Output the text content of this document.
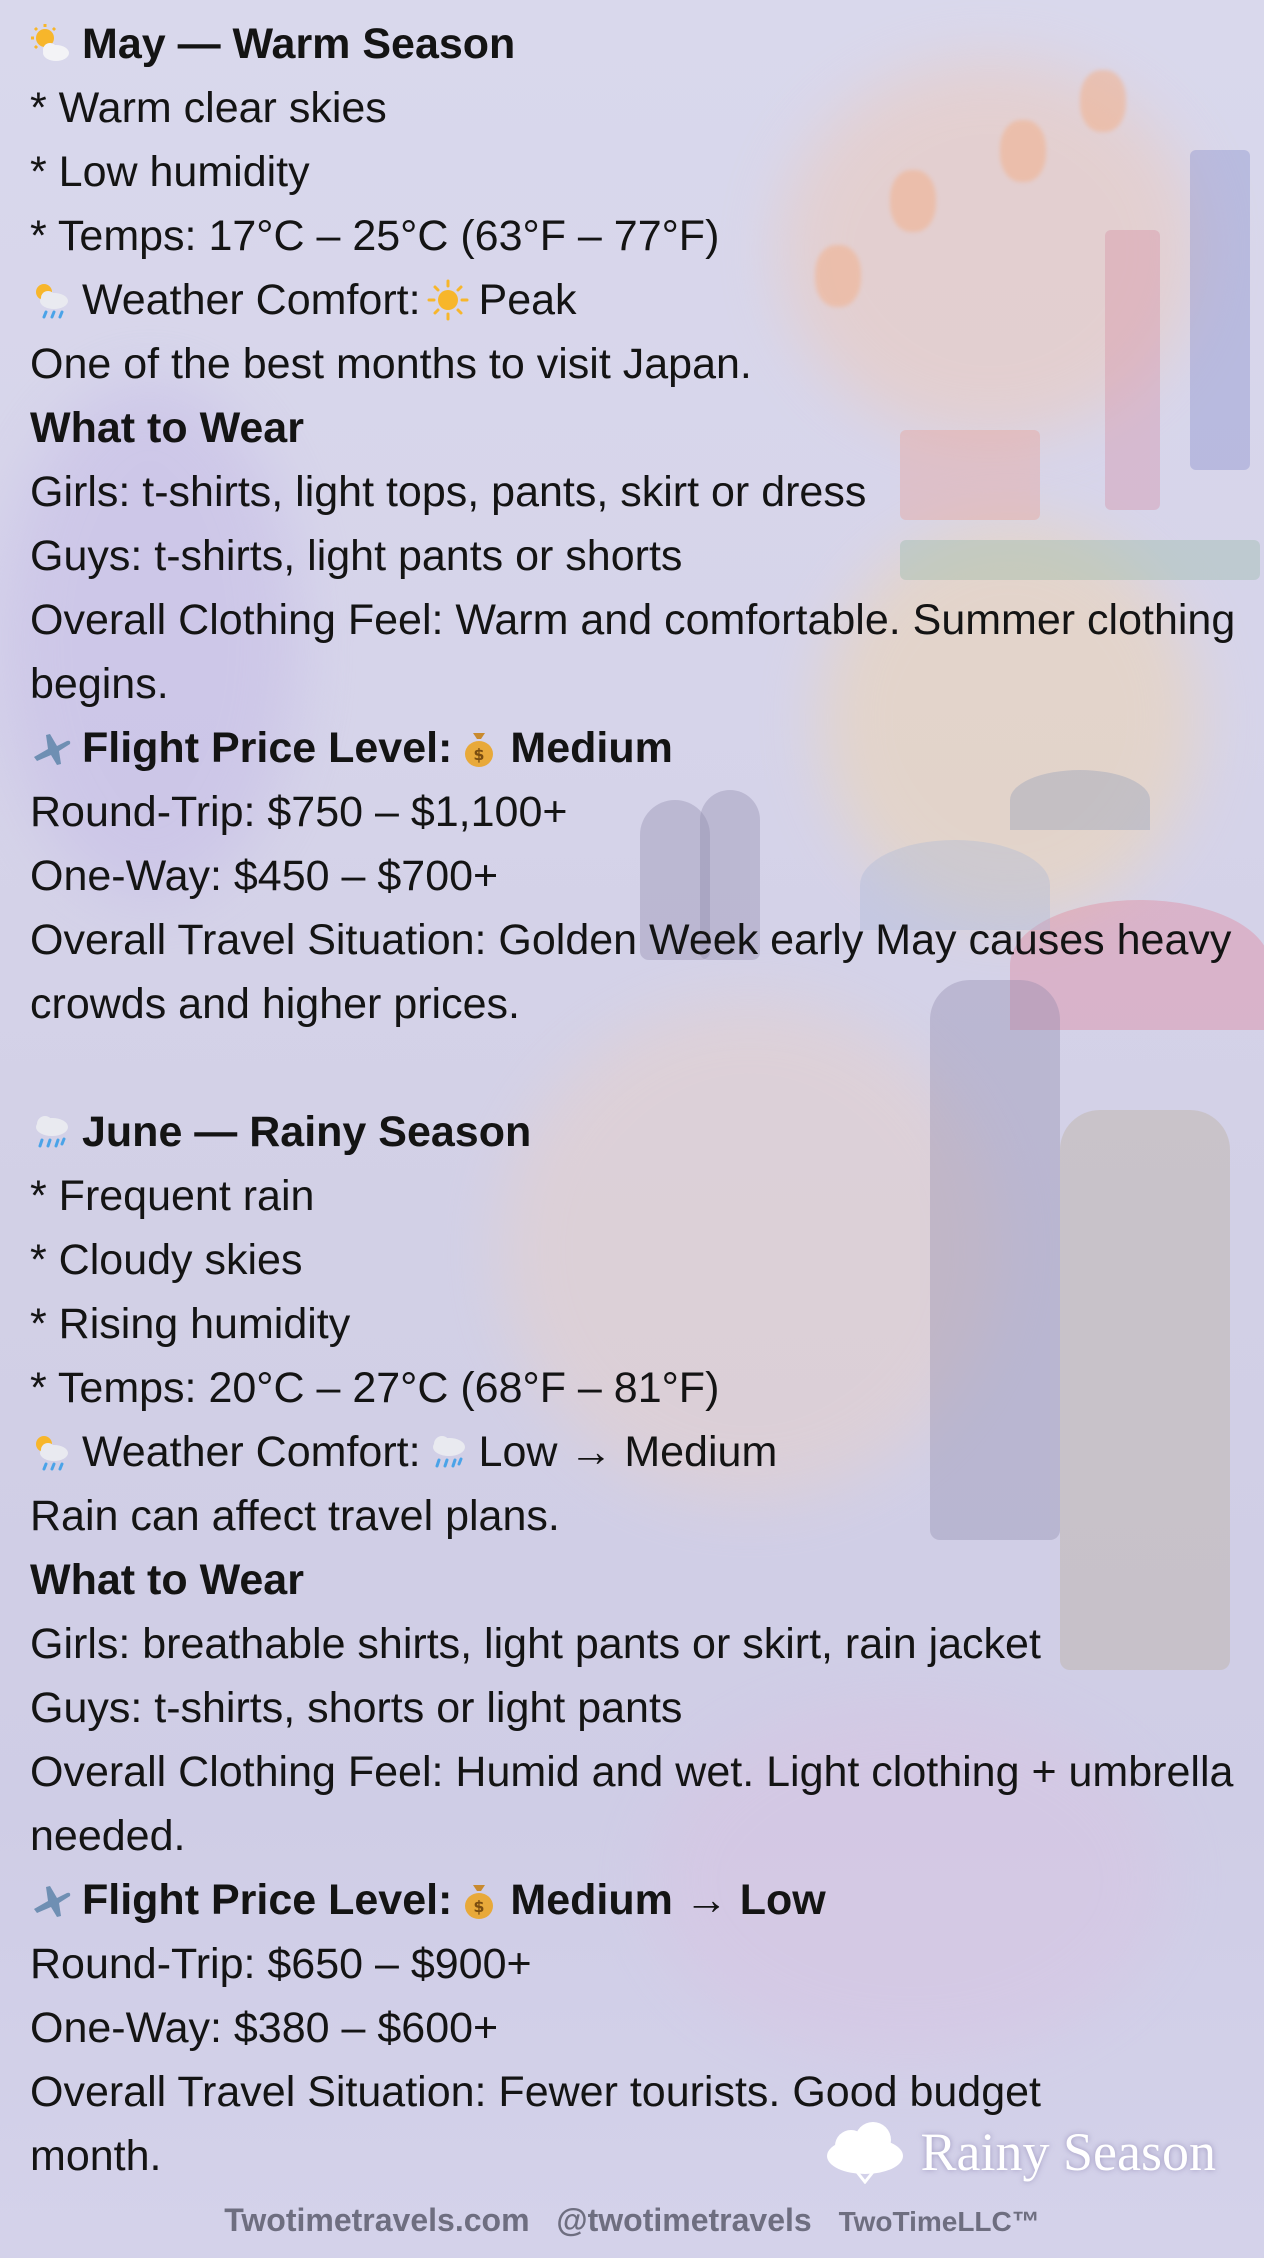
May — Warm Season

* Warm clear skies

* Low humidity

* Temps: 17°C – 25°C (63°F – 77°F)

Weather Comfort: Peak

One of the best months to visit Japan.

What to Wear

Girls: t-shirts, light tops, pants, skirt or dress

Guys: t-shirts, light pants or shorts

Overall Clothing Feel: Warm and comfortable. Summer clothing begins.

Flight Price Level: $ Medium

Round-Trip: $750 – $1,100+

One-Way: $450 – $700+

Overall Travel Situation: Golden Week early May causes heavy crowds and higher prices.

June — Rainy Season

* Frequent rain

* Cloudy skies

* Rising humidity

* Temps: 20°C – 27°C (68°F – 81°F)

Weather Comfort: Low → Medium

Rain can affect travel plans.

What to Wear

Girls: breathable shirts, light pants or skirt, rain jacket

Guys: t-shirts, shorts or light pants

Overall Clothing Feel: Humid and wet. Light clothing + umbrella needed.

Flight Price Level: $ Medium → Low

Round-Trip: $650 – $900+

One-Way: $380 – $600+

Overall Travel Situation: Fewer tourists. Good budget month.	Rainy Season
Twotimetravels.com @twotimetravels TwoTimeLLC™
